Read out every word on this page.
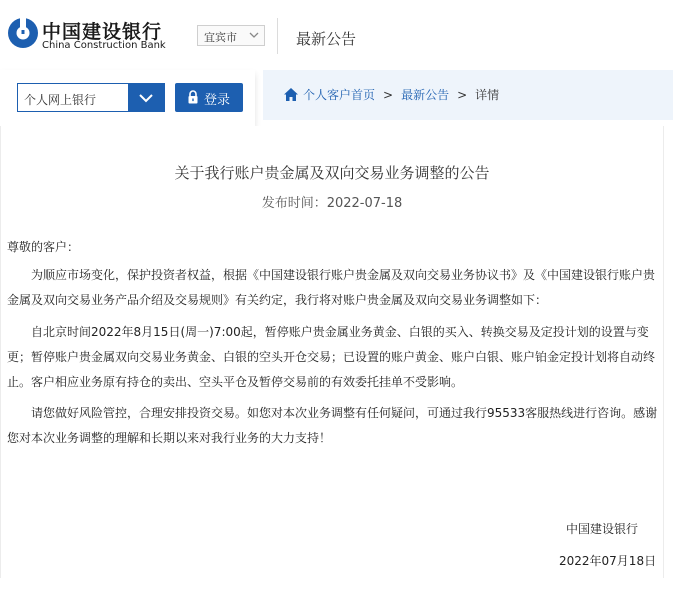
中国建设银行
China Construction Bank
宜宾市	最新公告
个人网上银行	登录	个人客户首页 > 最新公告 > 详情
关于我行账户贵金属及双向交易业务调整的公告
发布时间：2022-07-18
尊敬的客户：
为顺应市场变化，保护投资者权益，根据《中国建设银行账户贵金属及双向交易业务协议书》及《中国建设银行账户贵金属及双向交易业务产品介绍及交易规则》有关约定，我行将对账户贵金属及双向交易业务调整如下：
自北京时间2022年8月15日(周一)7:00起，暂停账户贵金属业务黄金、白银的买入、转换交易及定投计划的设置与变更；暂停账户贵金属双向交易业务黄金、白银的空头开仓交易；已设置的账户黄金、账户白银、账户铂金定投计划将自动终止。客户相应业务原有持仓的卖出、空头平仓及暂停交易前的有效委托挂单不受影响。
请您做好风险管控，合理安排投资交易。如您对本次业务调整有任何疑问，可通过我行95533客服热线进行咨询。感谢您对本次业务调整的理解和长期以来对我行业务的大力支持！
中国建设银行
2022年07月18日
